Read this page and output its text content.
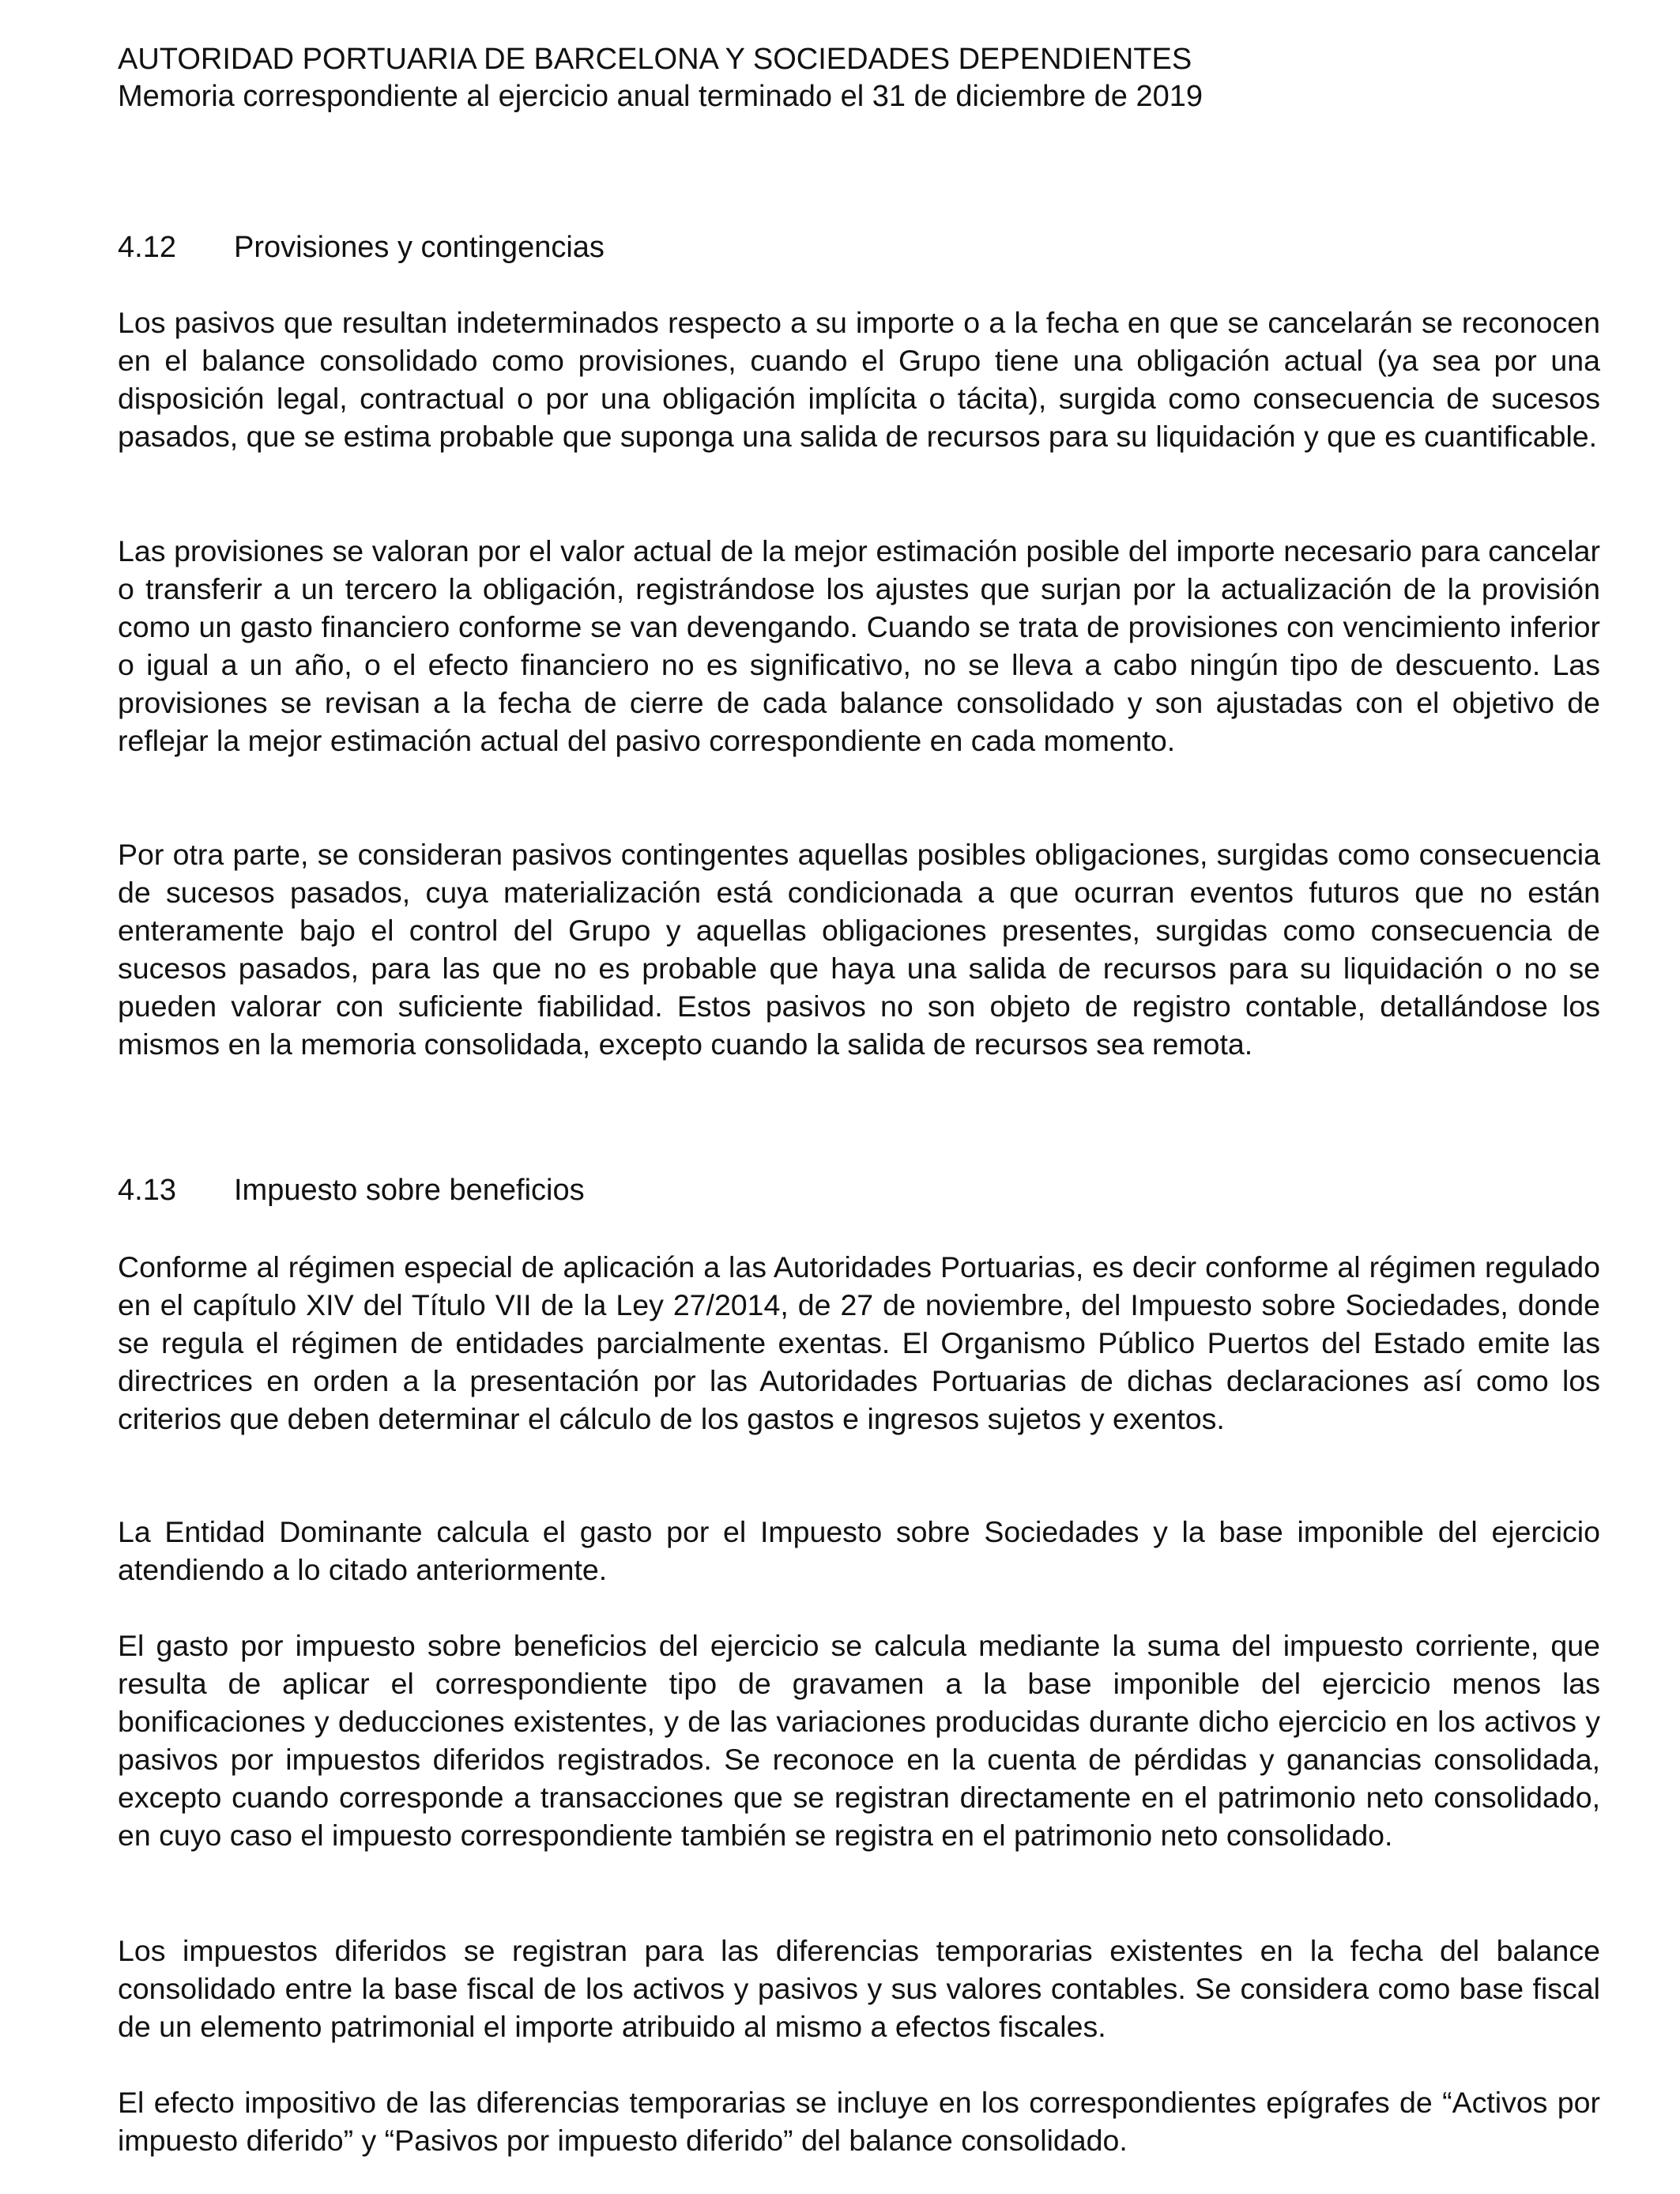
AUTORIDAD PORTUARIA DE BARCELONA Y SOCIEDADES DEPENDIENTES
Memoria correspondiente al ejercicio anual terminado el 31 de diciembre de 2019
4.12 Provisiones y contingencias
Los pasivos que resultan indeterminados respecto a su importe o a la fecha en que se cancelarán se reconocen en el balance consolidado como provisiones, cuando el Grupo tiene una obligación actual (ya sea por una disposición legal, contractual o por una obligación implícita o tácita), surgida como consecuencia de sucesos pasados, que se estima probable que suponga una salida de recursos para su liquidación y que es cuantificable.
Las provisiones se valoran por el valor actual de la mejor estimación posible del importe necesario para cancelar o transferir a un tercero la obligación, registrándose los ajustes que surjan por la actualización de la provisión como un gasto financiero conforme se van devengando. Cuando se trata de provisiones con vencimiento inferior o igual a un año, o el efecto financiero no es significativo, no se lleva a cabo ningún tipo de descuento. Las provisiones se revisan a la fecha de cierre de cada balance consolidado y son ajustadas con el objetivo de reflejar la mejor estimación actual del pasivo correspondiente en cada momento.
Por otra parte, se consideran pasivos contingentes aquellas posibles obligaciones, surgidas como consecuencia de sucesos pasados, cuya materialización está condicionada a que ocurran eventos futuros que no están enteramente bajo el control del Grupo y aquellas obligaciones presentes, surgidas como consecuencia de sucesos pasados, para las que no es probable que haya una salida de recursos para su liquidación o no se pueden valorar con suficiente fiabilidad. Estos pasivos no son objeto de registro contable, detallándose los mismos en la memoria consolidada, excepto cuando la salida de recursos sea remota.
4.13 Impuesto sobre beneficios
Conforme al régimen especial de aplicación a las Autoridades Portuarias, es decir conforme al régimen regulado en el capítulo XIV del Título VII de la Ley 27/2014, de 27 de noviembre, del Impuesto sobre Sociedades, donde se regula el régimen de entidades parcialmente exentas. El Organismo Público Puertos del Estado emite las directrices en orden a la presentación por las Autoridades Portuarias de dichas declaraciones así como los criterios que deben determinar el cálculo de los gastos e ingresos sujetos y exentos.
La Entidad Dominante calcula el gasto por el Impuesto sobre Sociedades y la base imponible del ejercicio atendiendo a lo citado anteriormente.
El gasto por impuesto sobre beneficios del ejercicio se calcula mediante la suma del impuesto corriente, que resulta de aplicar el correspondiente tipo de gravamen a la base imponible del ejercicio menos las bonificaciones y deducciones existentes, y de las variaciones producidas durante dicho ejercicio en los activos y pasivos por impuestos diferidos registrados. Se reconoce en la cuenta de pérdidas y ganancias consolidada, excepto cuando corresponde a transacciones que se registran directamente en el patrimonio neto consolidado, en cuyo caso el impuesto correspondiente también se registra en el patrimonio neto consolidado.
Los impuestos diferidos se registran para las diferencias temporarias existentes en la fecha del balance consolidado entre la base fiscal de los activos y pasivos y sus valores contables. Se considera como base fiscal de un elemento patrimonial el importe atribuido al mismo a efectos fiscales.
El efecto impositivo de las diferencias temporarias se incluye en los correspondientes epígrafes de “Activos por impuesto diferido” y “Pasivos por impuesto diferido” del balance consolidado.
